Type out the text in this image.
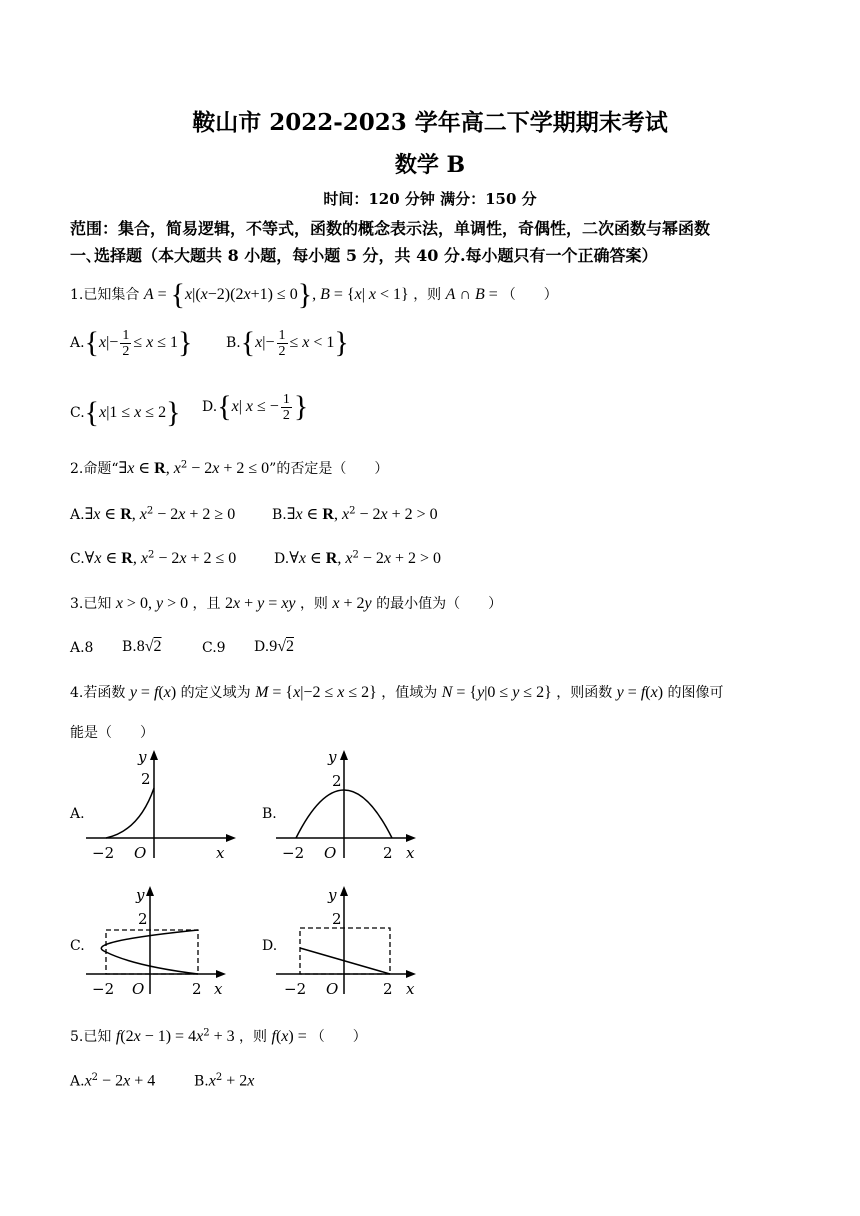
鞍山市 2022-2023 学年高二下学期期末考试
数学 B
时间：120 分钟 满分：150 分
范围：集合，简易逻辑，不等式，函数的概念表示法，单调性，奇偶性，二次函数与幂函数
一､选择题（本大题共 8 小题，每小题 5 分，共 40 分.每小题只有一个正确答案）
1.已知集合 A = {x|(x−2)(2x+1) ≤ 0}, B = {x| x < 1} ，则 A ∩ B = （　　）
$A.\{x|- \frac{1}{2} \le x \le 1\}$ $B.\{x|- \frac{1}{2} \le x < 1\}$
C.{x|1 ≤ x ≤ 2} D.{x| x ≤ − $\frac{1}{2}$ }
2.命题“∃x ∈ R, $x^2 - 2x + 2 \le 0$”的否定是（　　）
A.∃x ∈ R, $x^2 - 2x + 2 \ge 0$	B.∃x ∈ R, $x^2 - 2x + 2 > 0$
C.∀x ∈ R, $x^2 - 2x + 2 \le 0$	D.∀x ∈ R, $x^2 - 2x + 2 > 0$
3.已知 x > 0, y > 0 ，且 2x + y = xy ，则 x + 2y 的最小值为（　　）
A.8 B.8√2	C.9 D.9√2
4.若函数 y = f(x) 的定义域为 M = {x|−2 ≤ x ≤ 2} ，值域为 N = {y|0 ≤ y ≤ 2} ，则函数 y = f(x) 的图像可
能是（　　）
A.
y
2
−2 O	x
B.
y
2
−2 O	2 x
C.
y
2
−2 O	2 x
D.
y
2
−2 O	2 x
5.已知 $f(2x - 1) = 4x^2 + 3$ ，则 f(x) = （　　）
$A.x^2 - 2x + 4$	$B.x^2 + 2x$
